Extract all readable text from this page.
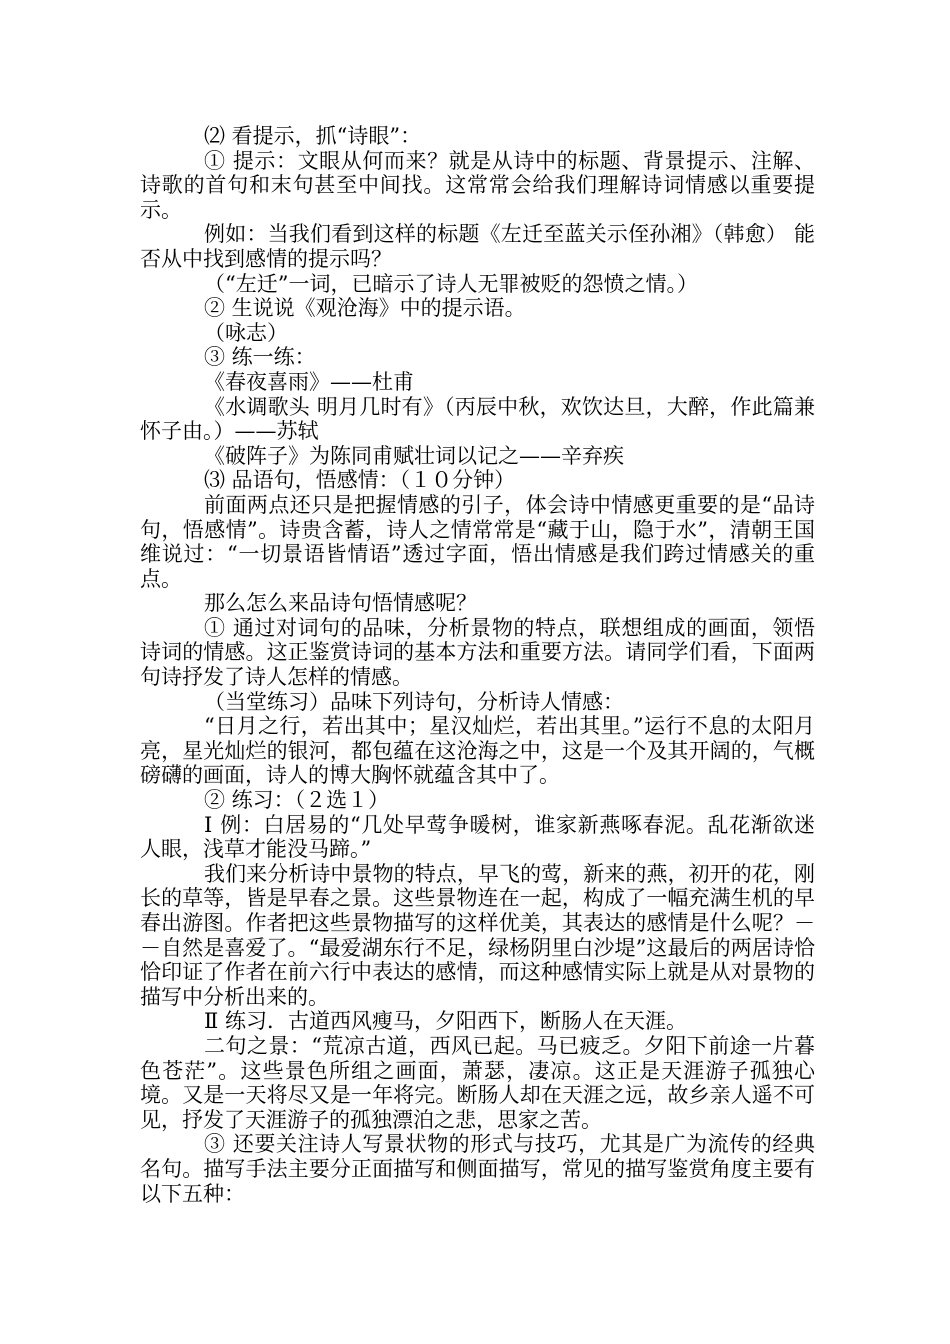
⑵ 看提示，抓“诗眼”：

① 提示：文眼从何而来？就是从诗中的标题、背景提示、注解、诗歌的首句和末句甚至中间找。这常常会给我们理解诗词情感以重要提示。

例如：当我们看到这样的标题《左迁至蓝关示侄孙湘》（韩愈） 能否从中找到感情的提示吗？

（“左迁”一词，已暗示了诗人无罪被贬的怨愤之情。）

② 生说说《观沧海》中的提示语。

（咏志）

③ 练一练：

《春夜喜雨》——杜甫

《水调歌头 明月几时有》（丙辰中秋，欢饮达旦，大醉，作此篇兼怀子由。）——苏轼

《破阵子》为陈同甫赋壮词以记之——辛弃疾

⑶ 品语句，悟感情：（１０分钟）

前面两点还只是把握情感的引子，体会诗中情感更重要的是“品诗句，悟感情”。诗贵含蓄，诗人之情常常是“藏于山，隐于水”，清朝王国维说过：“一切景语皆情语”透过字面，悟出情感是我们跨过情感关的重点。

那么怎么来品诗句悟情感呢？

① 通过对词句的品味，分析景物的特点，联想组成的画面，领悟诗词的情感。这正鉴赏诗词的基本方法和重要方法。请同学们看，下面两句诗抒发了诗人怎样的情感。

（当堂练习）品味下列诗句，分析诗人情感：

“日月之行，若出其中；星汉灿烂，若出其里。”运行不息的太阳月亮，星光灿烂的银河，都包蕴在这沧海之中，这是一个及其开阔的，气概磅礴的画面，诗人的博大胸怀就蕴含其中了。

② 练习：（２选１）

Ⅰ 例：白居易的“几处早莺争暖树，谁家新燕啄春泥。乱花渐欲迷人眼，浅草才能没马蹄。”

我们来分析诗中景物的特点，早飞的莺，新来的燕，初开的花，刚长的草等，皆是早春之景。这些景物连在一起，构成了一幅充满生机的早春出游图。作者把这些景物描写的这样优美，其表达的感情是什么呢？－－自然是喜爱了。“最爱湖东行不足，绿杨阴里白沙堤”这最后的两居诗恰恰印证了作者在前六行中表达的感情，而这种感情实际上就是从对景物的描写中分析出来的。

Ⅱ 练习．古道西风瘦马，夕阳西下，断肠人在天涯。

二句之景：“荒凉古道，西风已起。马已疲乏。夕阳下前途一片暮色苍茫”。这些景色所组之画面，萧瑟，凄凉。这正是天涯游子孤独心境。又是一天将尽又是一年将完。断肠人却在天涯之远，故乡亲人遥不可见，抒发了天涯游子的孤独漂泊之悲，思家之苦。

③ 还要关注诗人写景状物的形式与技巧，尤其是广为流传的经典名句。描写手法主要分正面描写和侧面描写，常见的描写鉴赏角度主要有以下五种：
